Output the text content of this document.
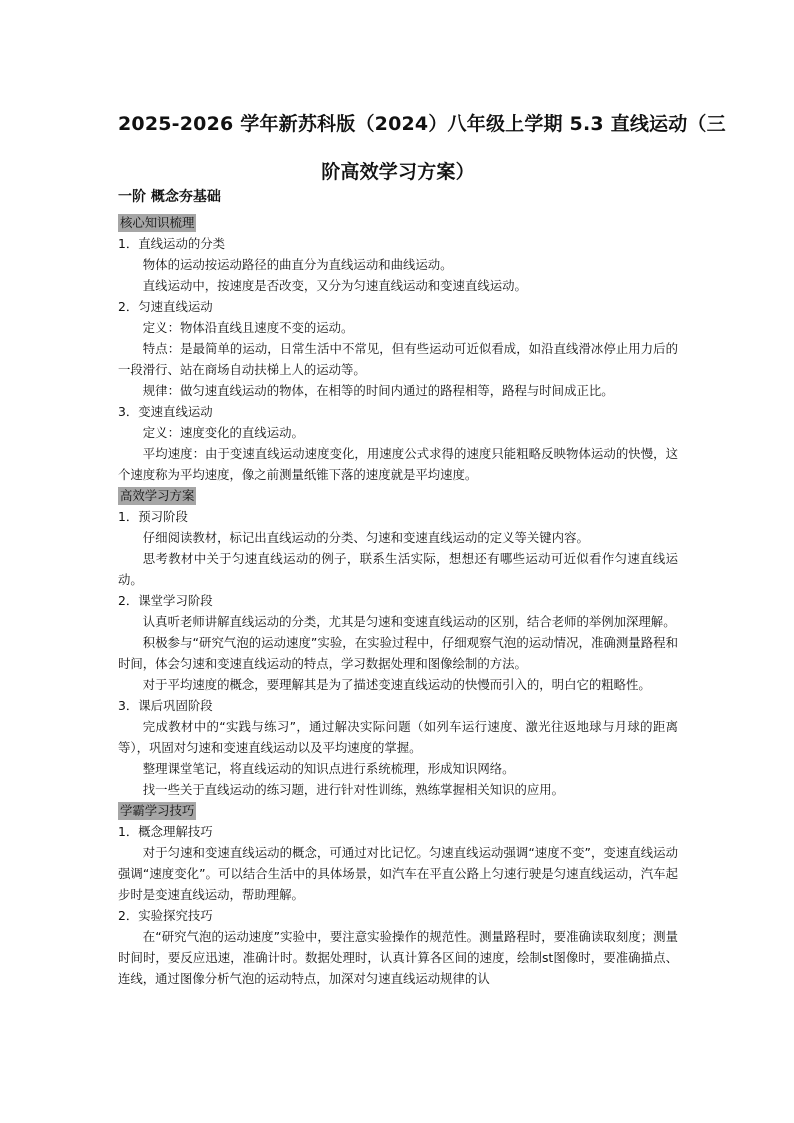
2025-2026 学年新苏科版（2024）八年级上学期 5.3 直线运动（三
阶高效学习方案）
一阶 概念夯基础
核心知识梳理
1．直线运动的分类

物体的运动按运动路径的曲直分为直线运动和曲线运动。

直线运动中，按速度是否改变，又分为匀速直线运动和变速直线运动。

2．匀速直线运动

定义：物体沿直线且速度不变的运动。

特点：是最简单的运动，日常生活中不常见，但有些运动可近似看成，如沿直线滑冰停止用力后的一段滑行、站在商场自动扶梯上人的运动等。

规律：做匀速直线运动的物体，在相等的时间内通过的路程相等，路程与时间成正比。

3．变速直线运动

定义：速度变化的直线运动。

平均速度：由于变速直线运动速度变化，用速度公式求得的速度只能粗略反映物体运动的快慢，这个速度称为平均速度，像之前测量纸锥下落的速度就是平均速度。

高效学习方案
1．预习阶段

仔细阅读教材，标记出直线运动的分类、匀速和变速直线运动的定义等关键内容。

思考教材中关于匀速直线运动的例子，联系生活实际，想想还有哪些运动可近似看作匀速直线运动。

2．课堂学习阶段

认真听老师讲解直线运动的分类，尤其是匀速和变速直线运动的区别，结合老师的举例加深理解。

积极参与“研究气泡的运动速度”实验，在实验过程中，仔细观察气泡的运动情况，准确测量路程和时间，体会匀速和变速直线运动的特点，学习数据处理和图像绘制的方法。

对于平均速度的概念，要理解其是为了描述变速直线运动的快慢而引入的，明白它的粗略性。

3．课后巩固阶段

完成教材中的“实践与练习”，通过解决实际问题（如列车运行速度、激光往返地球与月球的距离等），巩固对匀速和变速直线运动以及平均速度的掌握。

整理课堂笔记，将直线运动的知识点进行系统梳理，形成知识网络。

找一些关于直线运动的练习题，进行针对性训练，熟练掌握相关知识的应用。

学霸学习技巧
1．概念理解技巧

对于匀速和变速直线运动的概念，可通过对比记忆。匀速直线运动强调“速度不变”，变速直线运动强调“速度变化”。可以结合生活中的具体场景，如汽车在平直公路上匀速行驶是匀速直线运动，汽车起步时是变速直线运动，帮助理解。

2．实验探究技巧

在“研究气泡的运动速度”实验中，要注意实验操作的规范性。测量路程时，要准确读取刻度；测量时间时，要反应迅速，准确计时。数据处理时，认真计算各区间的速度，绘制st图像时，要准确描点、连线，通过图像分析气泡的运动特点，加深对匀速直线运动规律的认
